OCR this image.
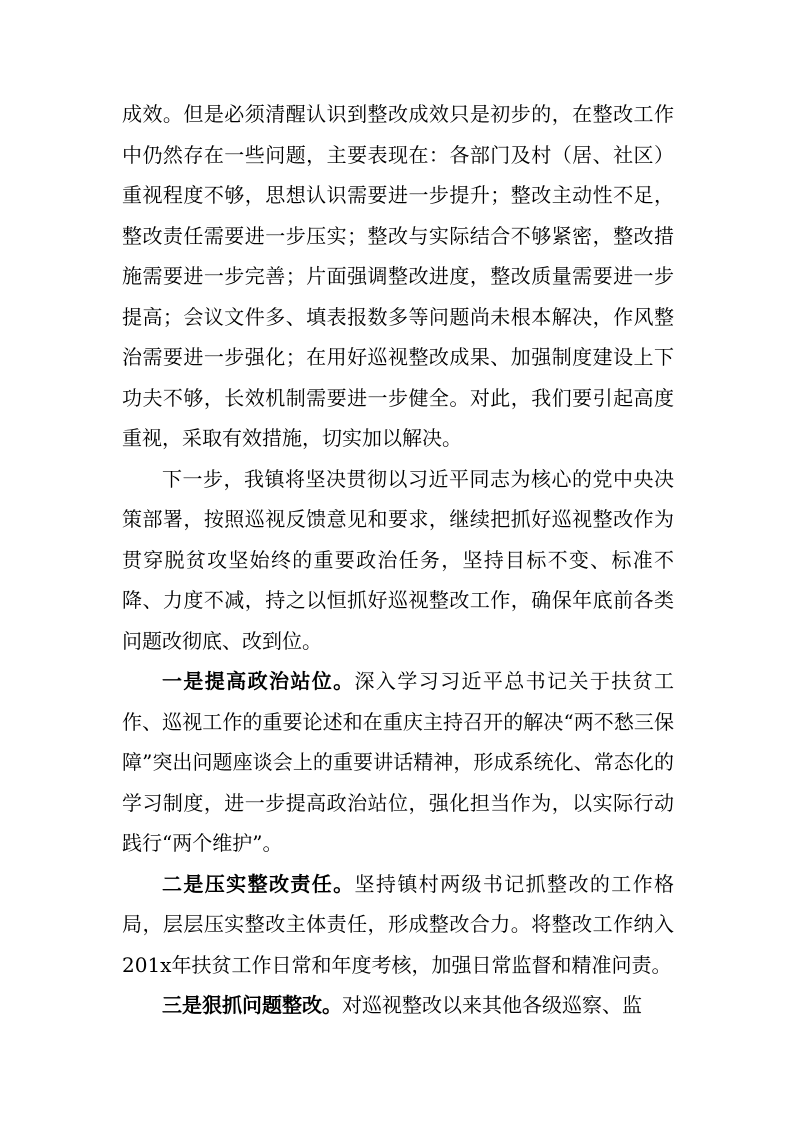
成效。但是必须清醒认识到整改成效只是初步的，在整改工作中仍然存在一些问题，主要表现在：各部门及村（居、社区）重视程度不够，思想认识需要进一步提升；整改主动性不足，整改责任需要进一步压实；整改与实际结合不够紧密，整改措施需要进一步完善；片面强调整改进度，整改质量需要进一步提高；会议文件多、填表报数多等问题尚未根本解决，作风整治需要进一步强化；在用好巡视整改成果、加强制度建设上下功夫不够，长效机制需要进一步健全。对此，我们要引起高度重视，采取有效措施，切实加以解决。

下一步，我镇将坚决贯彻以习近平同志为核心的党中央决策部署，按照巡视反馈意见和要求，继续把抓好巡视整改作为贯穿脱贫攻坚始终的重要政治任务，坚持目标不变、标准不降、力度不减，持之以恒抓好巡视整改工作，确保年底前各类问题改彻底、改到位。

一是提高政治站位。深入学习习近平总书记关于扶贫工作、巡视工作的重要论述和在重庆主持召开的解决“两不愁三保障”突出问题座谈会上的重要讲话精神，形成系统化、常态化的学习制度，进一步提高政治站位，强化担当作为，以实际行动践行“两个维护”。

二是压实整改责任。坚持镇村两级书记抓整改的工作格局，层层压实整改主体责任，形成整改合力。将整改工作纳入201x年扶贫工作日常和年度考核，加强日常监督和精准问责。

三是狠抓问题整改。对巡视整改以来其他各级巡察、监
